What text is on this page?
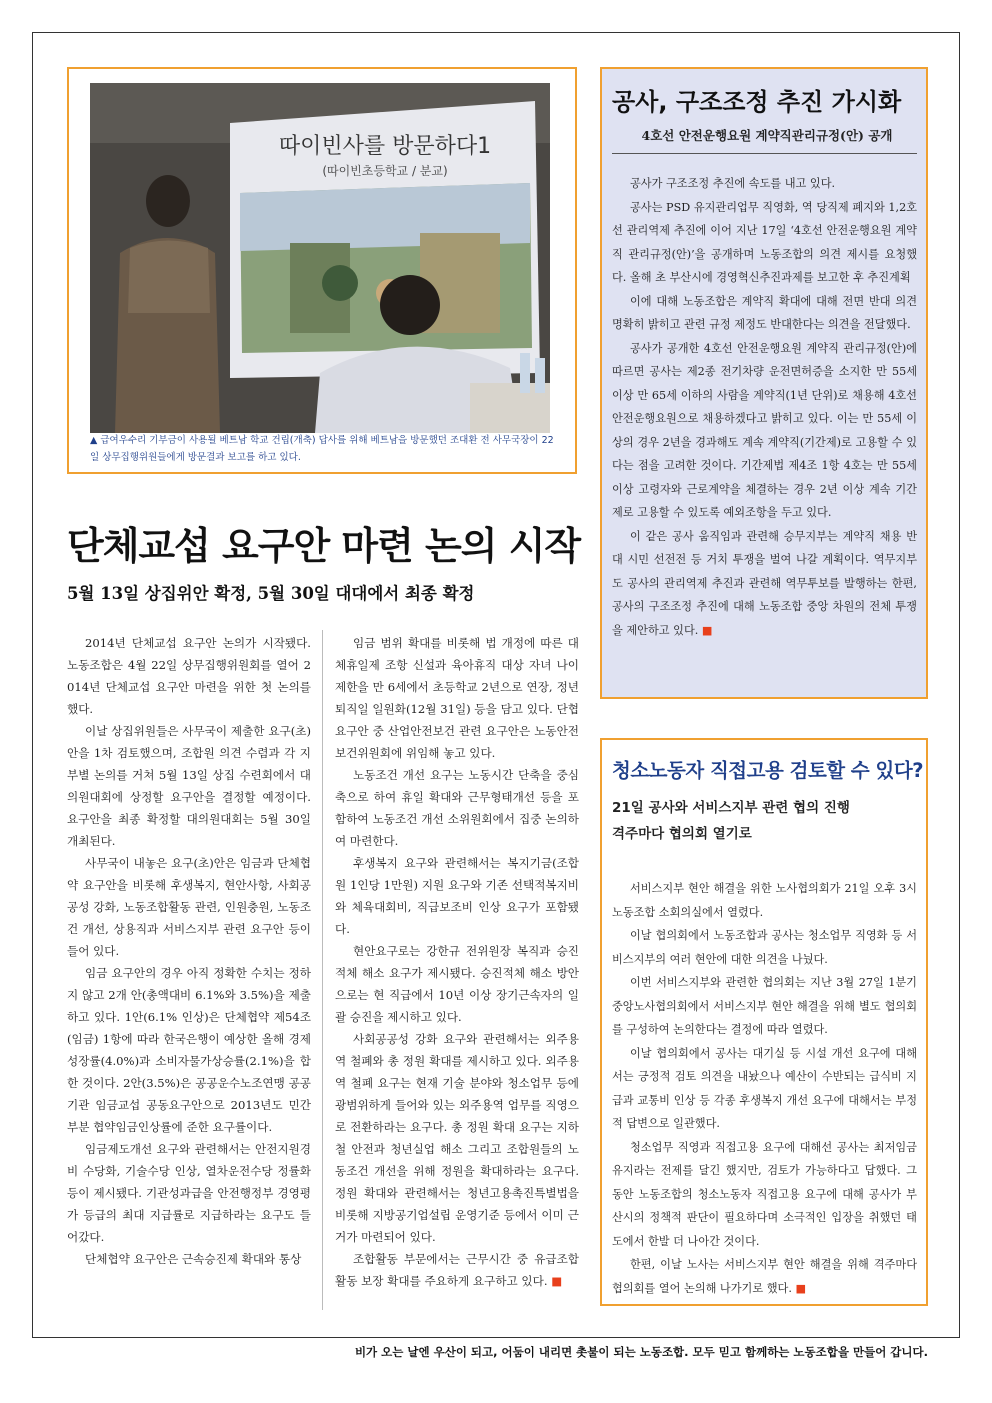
따이빈사를 방문하다1
(따이빈초등학교 / 분교)

▲ 급여우수리 기부금이 사용될 베트남 학교 건립(개축) 답사를 위해 베트남을 방문했던 조대환 전 사무국장이 22일 상무집행위원들에게 방문결과 보고를 하고 있다.

단체교섭 요구안 마련 논의 시작
5월 13일 상집위안 확정, 5월 30일 대대에서 최종 확정

2014년 단체교섭 요구안 논의가 시작됐다. 노동조합은 4월 22일 상무집행위원회를 열어 2014년 단체교섭 요구안 마련을 위한 첫 논의를 했다.

이날 상집위원들은 사무국이 제출한 요구(초)안을 1차 검토했으며, 조합원 의견 수렴과 각 지부별 논의를 거쳐 5월 13일 상집 수련회에서 대의원대회에 상정할 요구안을 결정할 예정이다. 요구안을 최종 확정할 대의원대회는 5월 30일 개최된다.

사무국이 내놓은 요구(초)안은 임금과 단체협약 요구안을 비롯해 후생복지, 현안사항, 사회공공성 강화, 노동조합활동 관련, 인원충원, 노동조건 개선, 상용직과 서비스지부 관련 요구안 등이 들어 있다.

임금 요구안의 경우 아직 정확한 수치는 정하지 않고 2개 안(총액대비 6.1%와 3.5%)을 제출하고 있다. 1안(6.1% 인상)은 단체협약 제54조(임금) 1항에 따라 한국은행이 예상한 올해 경제성장률(4.0%)과 소비자물가상승률(2.1%)을 합한 것이다. 2안(3.5%)은 공공운수노조연맹 공공기관 임금교섭 공동요구안으로 2013년도 민간부분 협약임금인상률에 준한 요구률이다.

임금제도개선 요구와 관련해서는 안전지원경비 수당화, 기술수당 인상, 열차운전수당 정률화 등이 제시됐다. 기관성과급을 안전행정부 경영평가 등급의 최대 지급률로 지급하라는 요구도 들어갔다.

단체협약 요구안은 근속승진제 확대와 통상

임금 범위 확대를 비롯해 법 개정에 따른 대체휴일제 조항 신설과 육아휴직 대상 자녀 나이제한을 만 6세에서 초등학교 2년으로 연장, 정년 퇴직일 일원화(12월 31일) 등을 담고 있다. 단협 요구안 중 산업안전보건 관련 요구안은 노동안전보건위원회에 위임해 놓고 있다.

노동조건 개선 요구는 노동시간 단축을 중심축으로 하여 휴일 확대와 근무형태개선 등을 포함하여 노동조건 개선 소위원회에서 집중 논의하여 마련한다.

후생복지 요구와 관련해서는 복지기금(조합원 1인당 1만원) 지원 요구와 기존 선택적복지비와 체육대회비, 직급보조비 인상 요구가 포함됐다.

현안요구로는 강한규 전위원장 복직과 승진적체 해소 요구가 제시됐다. 승진적체 해소 방안으로는 현 직급에서 10년 이상 장기근속자의 일괄 승진을 제시하고 있다.

사회공공성 강화 요구와 관련해서는 외주용역 철폐와 총 정원 확대를 제시하고 있다. 외주용역 철폐 요구는 현재 기술 분야와 청소업무 등에 광범위하게 들어와 있는 외주용역 업무를 직영으로 전환하라는 요구다. 총 정원 확대 요구는 지하철 안전과 청년실업 해소 그리고 조합원들의 노동조건 개선을 위해 정원을 확대하라는 요구다. 정원 확대와 관련해서는 청년고용촉진특별법을 비롯해 지방공기업설립 운영기준 등에서 이미 근거가 마련되어 있다.

조합활동 부문에서는 근무시간 중 유급조합활동 보장 확대를 주요하게 요구하고 있다. ■

공사, 구조조정 추진 가시화
4호선 안전운행요원 계약직관리규정(안) 공개

공사가 구조조정 추진에 속도를 내고 있다.

공사는 PSD 유지관리업무 직영화, 역 당직제 폐지와 1,2호선 관리역제 추진에 이어 지난 17일 ‘4호선 안전운행요원 계약직 관리규정(안)’을 공개하며 노동조합의 의견 제시를 요청했다. 올해 초 부산시에 경영혁신추진과제를 보고한 후 추진계획

이에 대해 노동조합은 계약직 확대에 대해 전면 반대 의견 명확히 밝히고 관련 규정 제정도 반대한다는 의견을 전달했다.

공사가 공개한 4호선 안전운행요원 계약직 관리규정(안)에 따르면 공사는 제2종 전기차량 운전면허증을 소지한 만 55세 이상 만 65세 이하의 사람을 계약직(1년 단위)로 채용해 4호선 안전운행요원으로 채용하겠다고 밝히고 있다. 이는 만 55세 이상의 경우 2년을 경과해도 계속 계약직(기간제)로 고용할 수 있다는 점을 고려한 것이다. 기간제법 제4조 1항 4호는 만 55세 이상 고령자와 근로계약을 체결하는 경우 2년 이상 계속 기간제로 고용할 수 있도록 예외조항을 두고 있다.

이 같은 공사 움직임과 관련해 승무지부는 계약직 채용 반대 시민 선전전 등 거치 투쟁을 벌여 나갈 계획이다. 역무지부도 공사의 관리역제 추진과 관련해 역무투보를 발행하는 한편, 공사의 구조조정 추진에 대해 노동조합 중앙 차원의 전체 투쟁을 제안하고 있다. ■

청소노동자 직접고용 검토할 수 있다?
21일 공사와 서비스지부 관련 협의 진행
격주마다 협의회 열기로

서비스지부 현안 해결을 위한 노사협의회가 21일 오후 3시 노동조합 소회의실에서 열렸다.

이날 협의회에서 노동조합과 공사는 청소업무 직영화 등 서비스지부의 여러 현안에 대한 의견을 나눴다.

이번 서비스지부와 관련한 협의회는 지난 3월 27일 1분기 중앙노사협의회에서 서비스지부 현안 해결을 위해 별도 협의회를 구성하여 논의한다는 결정에 따라 열렸다.

이날 협의회에서 공사는 대기실 등 시설 개선 요구에 대해서는 긍정적 검토 의견을 내놨으나 예산이 수반되는 급식비 지급과 교통비 인상 등 각종 후생복지 개선 요구에 대해서는 부정적 답변으로 일관했다.

청소업무 직영과 직접고용 요구에 대해선 공사는 최저임금 유지라는 전제를 달긴 했지만, 검토가 가능하다고 답했다. 그 동안 노동조합의 청소노동자 직접고용 요구에 대해 공사가 부산시의 정책적 판단이 필요하다며 소극적인 입장을 취했던 태도에서 한발 더 나아간 것이다.

한편, 이날 노사는 서비스지부 현안 해결을 위해 격주마다 협의회를 열어 논의해 나가기로 했다. ■

비가 오는 날엔 우산이 되고, 어둠이 내리면 촛불이 되는 노동조합. 모두 믿고 함께하는 노동조합을 만들어 갑니다.
